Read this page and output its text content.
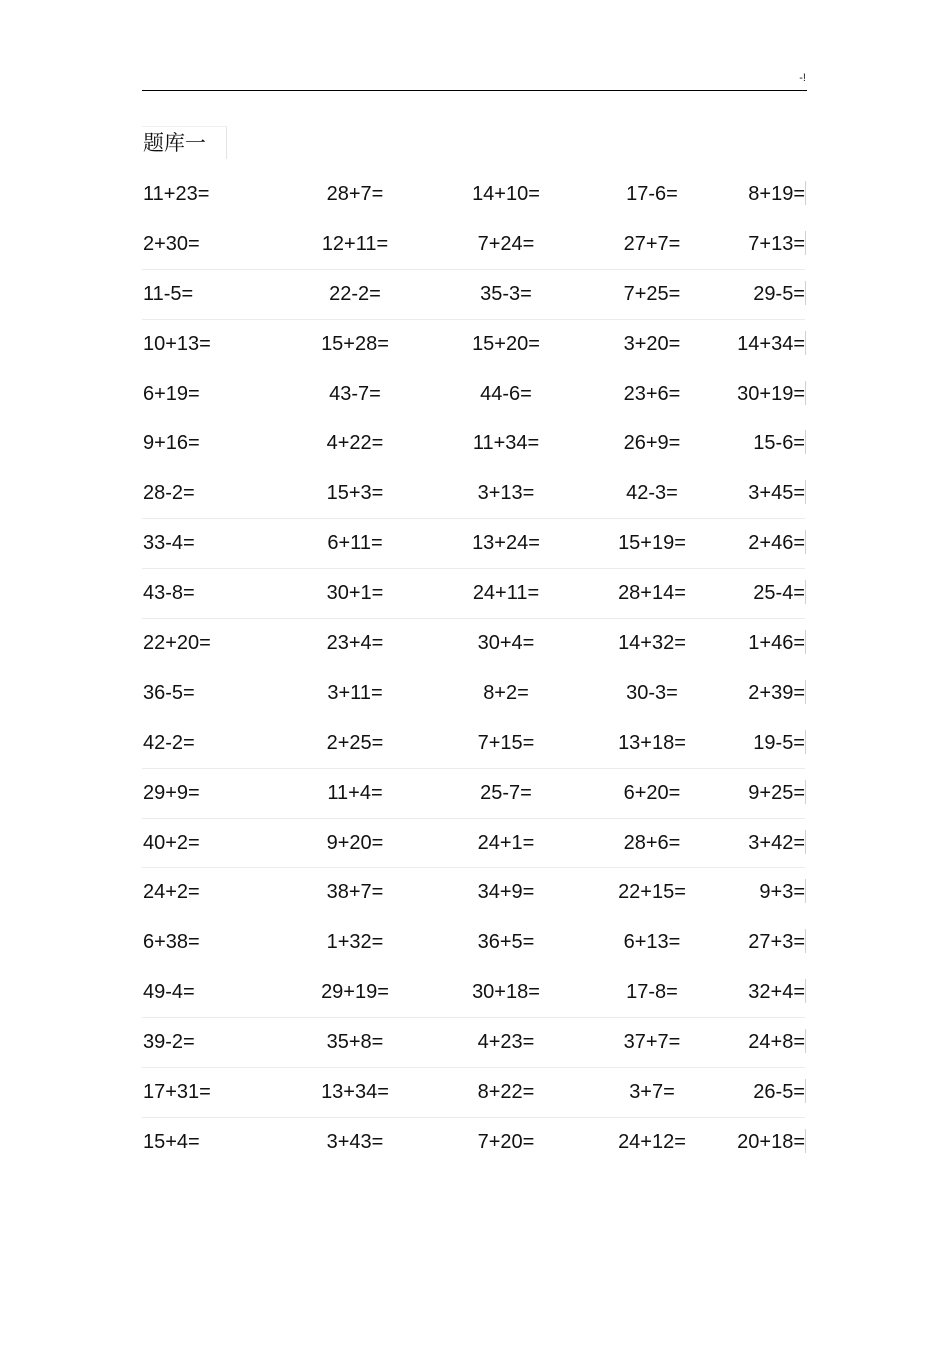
-!
题库一
11+23=	28+7=	14+10=	17-6=	8+19=
2+30=	12+11=	7+24=	27+7=	7+13=
11-5=	22-2=	35-3=	7+25=	29-5=
10+13=	15+28=	15+20=	3+20=	14+34=
6+19=	43-7=	44-6=	23+6=	30+19=
9+16=	4+22=	11+34=	26+9=	15-6=
28-2=	15+3=	3+13=	42-3=	3+45=
33-4=	6+11=	13+24=	15+19=	2+46=
43-8=	30+1=	24+11=	28+14=	25-4=
22+20=	23+4=	30+4=	14+32=	1+46=
36-5=	3+11=	8+2=	30-3=	2+39=
42-2=	2+25=	7+15=	13+18=	19-5=
29+9=	11+4=	25-7=	6+20=	9+25=
40+2=	9+20=	24+1=	28+6=	3+42=
24+2=	38+7=	34+9=	22+15=	9+3=
6+38=	1+32=	36+5=	6+13=	27+3=
49-4=	29+19=	30+18=	17-8=	32+4=
39-2=	35+8=	4+23=	37+7=	24+8=
17+31=	13+34=	8+22=	3+7=	26-5=
15+4=	3+43=	7+20=	24+12=	20+18=
